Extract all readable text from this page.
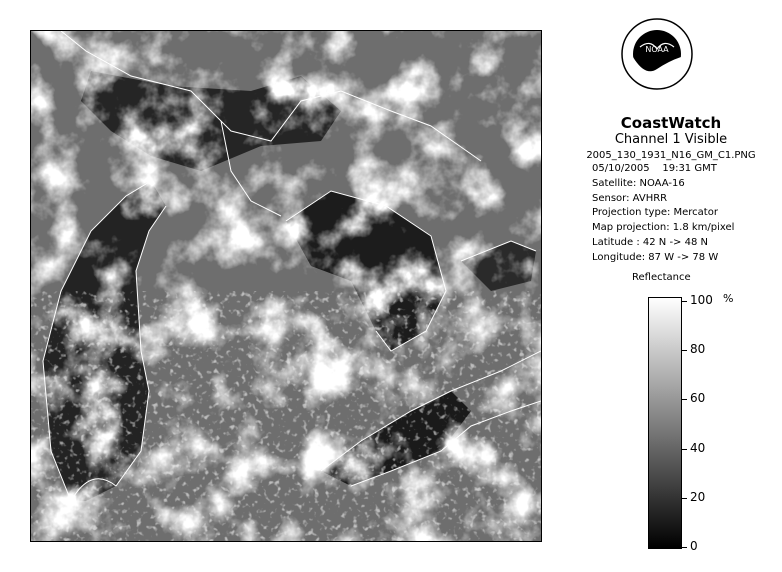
NOAA
CoastWatch
Channel 1 Visible
2005_130_1931_N16_GM_C1.PNG
05/10/2005    19:31 GMT
Satellite: NOAA-16
Sensor: AVHRR
Projection type: Mercator
Map projection: 1.8 km/pixel
Latitude : 42 N -> 48 N
Longitude: 87 W -> 78 W
Reflectance
%
100
80
60
40
20
0
